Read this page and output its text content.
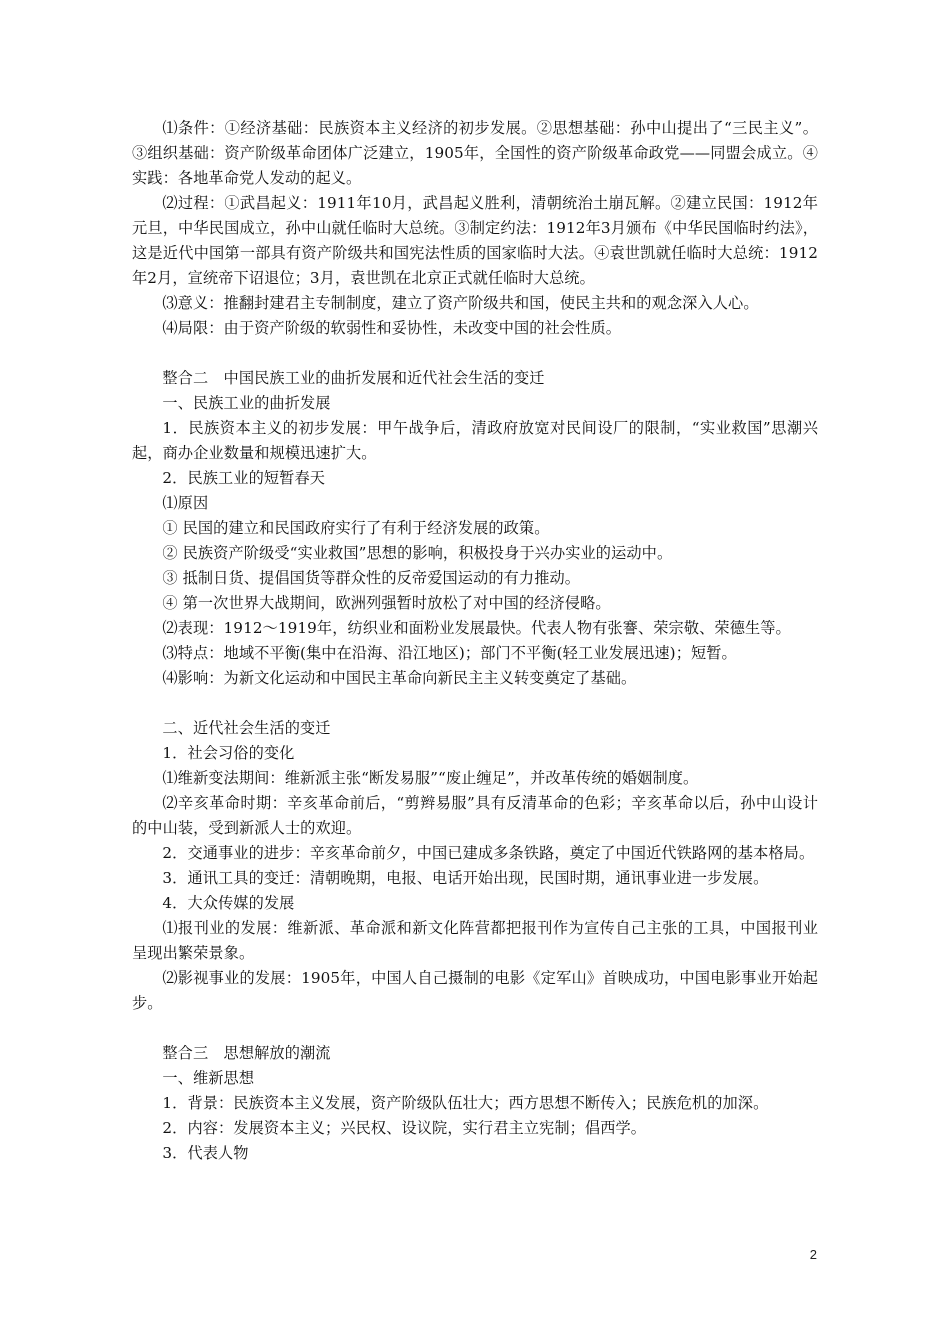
⑴条件：①经济基础：民族资本主义经济的初步发展。②思想基础：孙中山提出了“三民主义”。③组织基础：资产阶级革命团体广泛建立，1905年，全国性的资产阶级革命政党——同盟会成立。④实践：各地革命党人发动的起义。

⑵过程：①武昌起义：1911年10月，武昌起义胜利，清朝统治土崩瓦解。②建立民国：1912年元旦，中华民国成立，孙中山就任临时大总统。③制定约法：1912年3月颁布《中华民国临时约法》，这是近代中国第一部具有资产阶级共和国宪法性质的国家临时大法。④袁世凯就任临时大总统：1912年2月，宣统帝下诏退位；3月，袁世凯在北京正式就任临时大总统。

⑶意义：推翻封建君主专制制度，建立了资产阶级共和国，使民主共和的观念深入人心。

⑷局限：由于资产阶级的软弱性和妥协性，未改变中国的社会性质。

整合二　中国民族工业的曲折发展和近代社会生活的变迁

一、民族工业的曲折发展

1．民族资本主义的初步发展：甲午战争后，清政府放宽对民间设厂的限制，“实业救国”思潮兴起，商办企业数量和规模迅速扩大。

2．民族工业的短暂春天

⑴原因

① 民国的建立和民国政府实行了有利于经济发展的政策。

② 民族资产阶级受“实业救国”思想的影响，积极投身于兴办实业的运动中。

③ 抵制日货、提倡国货等群众性的反帝爱国运动的有力推动。

④ 第一次世界大战期间，欧洲列强暂时放松了对中国的经济侵略。

⑵表现：1912～1919年，纺织业和面粉业发展最快。代表人物有张謇、荣宗敬、荣德生等。

⑶特点：地域不平衡(集中在沿海、沿江地区)；部门不平衡(轻工业发展迅速)；短暂。

⑷影响：为新文化运动和中国民主革命向新民主主义转变奠定了基础。

二、近代社会生活的变迁

1．社会习俗的变化

⑴维新变法期间：维新派主张“断发易服”“废止缠足”，并改革传统的婚姻制度。

⑵辛亥革命时期：辛亥革命前后，“剪辫易服”具有反清革命的色彩；辛亥革命以后，孙中山设计的中山装，受到新派人士的欢迎。

2．交通事业的进步：辛亥革命前夕，中国已建成多条铁路，奠定了中国近代铁路网的基本格局。

3．通讯工具的变迁：清朝晚期，电报、电话开始出现，民国时期，通讯事业进一步发展。

4．大众传媒的发展

⑴报刊业的发展：维新派、革命派和新文化阵营都把报刊作为宣传自己主张的工具，中国报刊业呈现出繁荣景象。

⑵影视事业的发展：1905年，中国人自己摄制的电影《定军山》首映成功，中国电影事业开始起步。

整合三　思想解放的潮流

一、维新思想

1．背景：民族资本主义发展，资产阶级队伍壮大；西方思想不断传入；民族危机的加深。

2．内容：发展资本主义；兴民权、设议院，实行君主立宪制；倡西学。

3．代表人物

2
